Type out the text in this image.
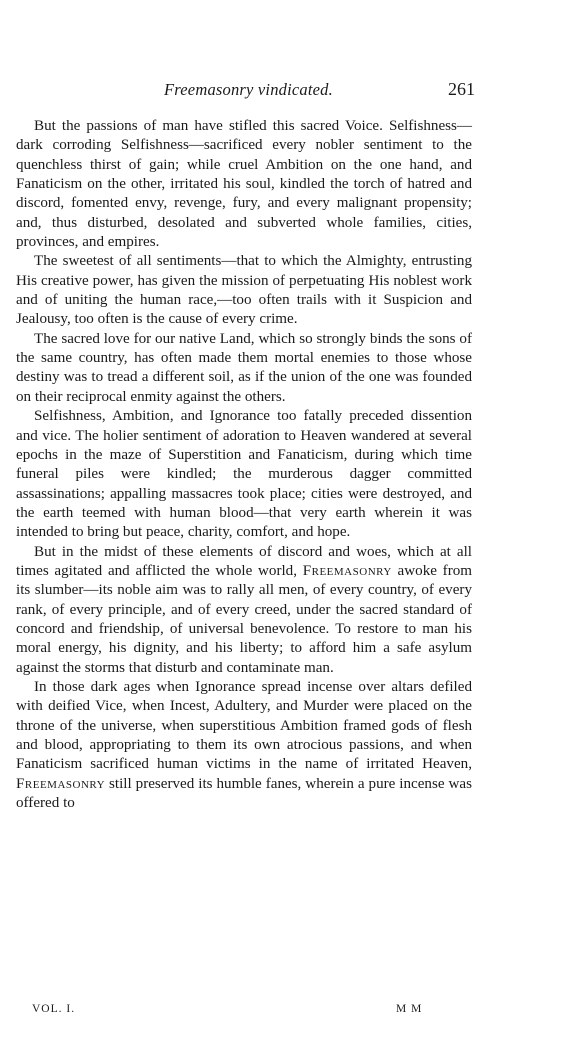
Freemasonry vindicated.	261

But the passions of man have stifled this sacred Voice. Selfishness—dark corroding Selfishness—sacrificed every nobler sentiment to the quenchless thirst of gain; while cruel Ambition on the one hand, and Fanaticism on the other, irritated his soul, kindled the torch of hatred and discord, fomented envy, revenge, fury, and every malignant propensity; and, thus disturbed, desolated and subverted whole families, cities, provinces, and empires.

The sweetest of all sentiments—that to which the Almighty, entrusting His creative power, has given the mission of perpetuating His noblest work and of uniting the human race,—too often trails with it Suspicion and Jealousy, too often is the cause of every crime.

The sacred love for our native Land, which so strongly binds the sons of the same country, has often made them mortal enemies to those whose destiny was to tread a different soil, as if the union of the one was founded on their reciprocal enmity against the others.

Selfishness, Ambition, and Ignorance too fatally preceded dissention and vice. The holier sentiment of adoration to Heaven wandered at several epochs in the maze of Superstition and Fanaticism, during which time funeral piles were kindled; the murderous dagger committed assassinations; appalling massacres took place; cities were destroyed, and the earth teemed with human blood—that very earth wherein it was intended to bring but peace, charity, comfort, and hope.

But in the midst of these elements of discord and woes, which at all times agitated and afflicted the whole world, Freemasonry awoke from its slumber—its noble aim was to rally all men, of every country, of every rank, of every principle, and of every creed, under the sacred standard of concord and friendship, of universal benevolence. To restore to man his moral energy, his dignity, and his liberty; to afford him a safe asylum against the storms that disturb and contaminate man.

In those dark ages when Ignorance spread incense over altars defiled with deified Vice, when Incest, Adultery, and Murder were placed on the throne of the universe, when superstitious Ambition framed gods of flesh and blood, appropriating to them its own atrocious passions, and when Fanaticism sacrificed human victims in the name of irritated Heaven, Freemasonry still preserved its humble fanes, wherein a pure incense was offered to

VOL. I.	M M
